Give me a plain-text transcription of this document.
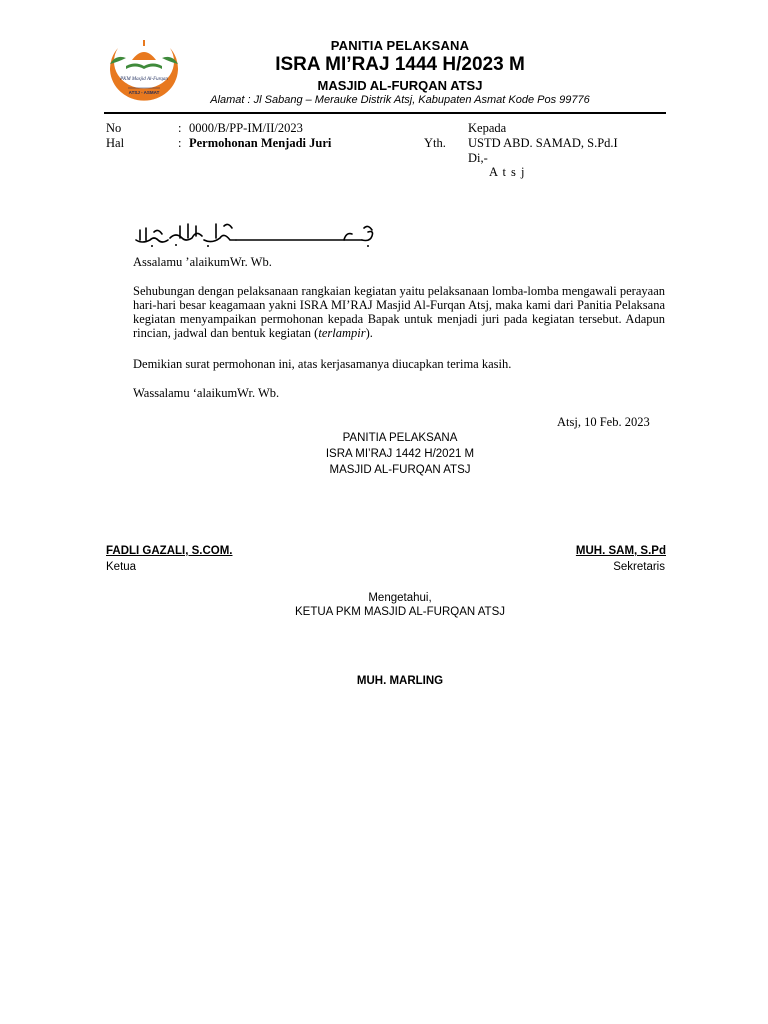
PKM Masjid Al-Furqan
ATSJ - ASMAT
PANITIA PELAKSANA
ISRA MI’RAJ 1444 H/2023 M
MASJID AL-FURQAN ATSJ
Alamat : Jl Sabang – Merauke Distrik Atsj, Kabupaten Asmat Kode Pos 99776
No	: 0000/B/PP-IM/II/2023
Hal	: Permohonan Menjadi Juri
Kepada
Yth. USTD ABD. SAMAD, S.Pd.I
Di,-
A t s j
Assalamu ’alaikumWr. Wb.
Sehubungan dengan pelaksanaan rangkaian kegiatan yaitu pelaksanaan lomba-lomba mengawali perayaan hari-hari besar keagamaan yakni ISRA MI’RAJ Masjid Al-Furqan Atsj, maka kami dari Panitia Pelaksana kegiatan menyampaikan permohonan kepada Bapak untuk menjadi juri pada kegiatan tersebut. Adapun rincian, jadwal dan bentuk kegiatan (terlampir).
Demikian surat permohonan ini, atas kerjasamanya diucapkan terima kasih.
Wassalamu ‘alaikumWr. Wb.
Atsj, 10 Feb. 2023
PANITIA PELAKSANA
ISRA MI’RAJ 1442 H/2021 M
MASJID AL-FURQAN ATSJ
FADLI GAZALI, S.COM.
Ketua
MUH. SAM, S.Pd
Sekretaris
Mengetahui,
KETUA PKM MASJID AL-FURQAN ATSJ
MUH. MARLING
